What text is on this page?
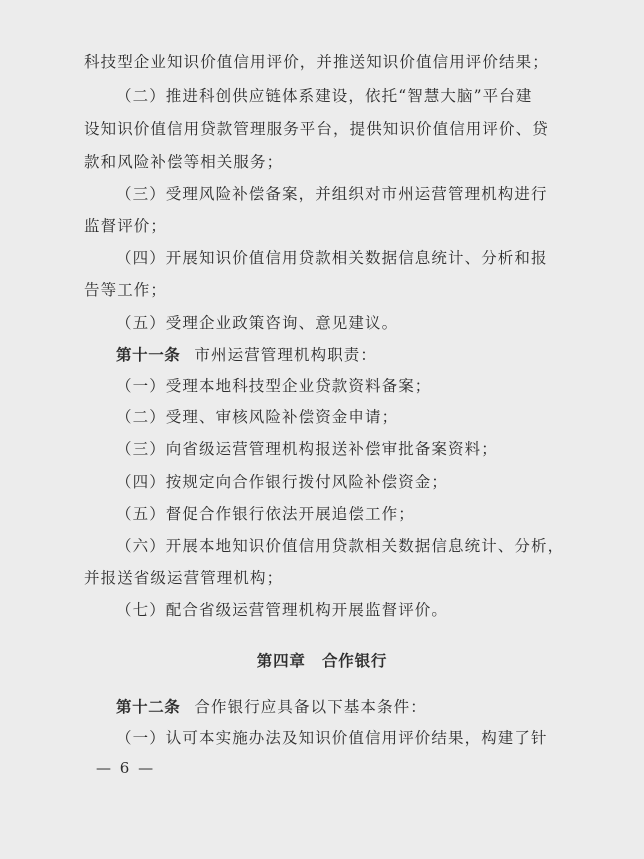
科技型企业知识价值信用评价，并推送知识价值信用评价结果；
（二）推进科创供应链体系建设，依托“智慧大脑”平台建
设知识价值信用贷款管理服务平台，提供知识价值信用评价、贷
款和风险补偿等相关服务；
（三）受理风险补偿备案，并组织对市州运营管理机构进行
监督评价；
（四）开展知识价值信用贷款相关数据信息统计、分析和报
告等工作；
（五）受理企业政策咨询、意见建议。
第十一条 市州运营管理机构职责：
（一）受理本地科技型企业贷款资料备案；
（二）受理、审核风险补偿资金申请；
（三）向省级运营管理机构报送补偿审批备案资料；
（四）按规定向合作银行拨付风险补偿资金；
（五）督促合作银行依法开展追偿工作；
（六）开展本地知识价值信用贷款相关数据信息统计、分析，
并报送省级运营管理机构；
（七）配合省级运营管理机构开展监督评价。
第四章　合作银行
第十二条 合作银行应具备以下基本条件：
（一）认可本实施办法及知识价值信用评价结果，构建了针
— 6 —
